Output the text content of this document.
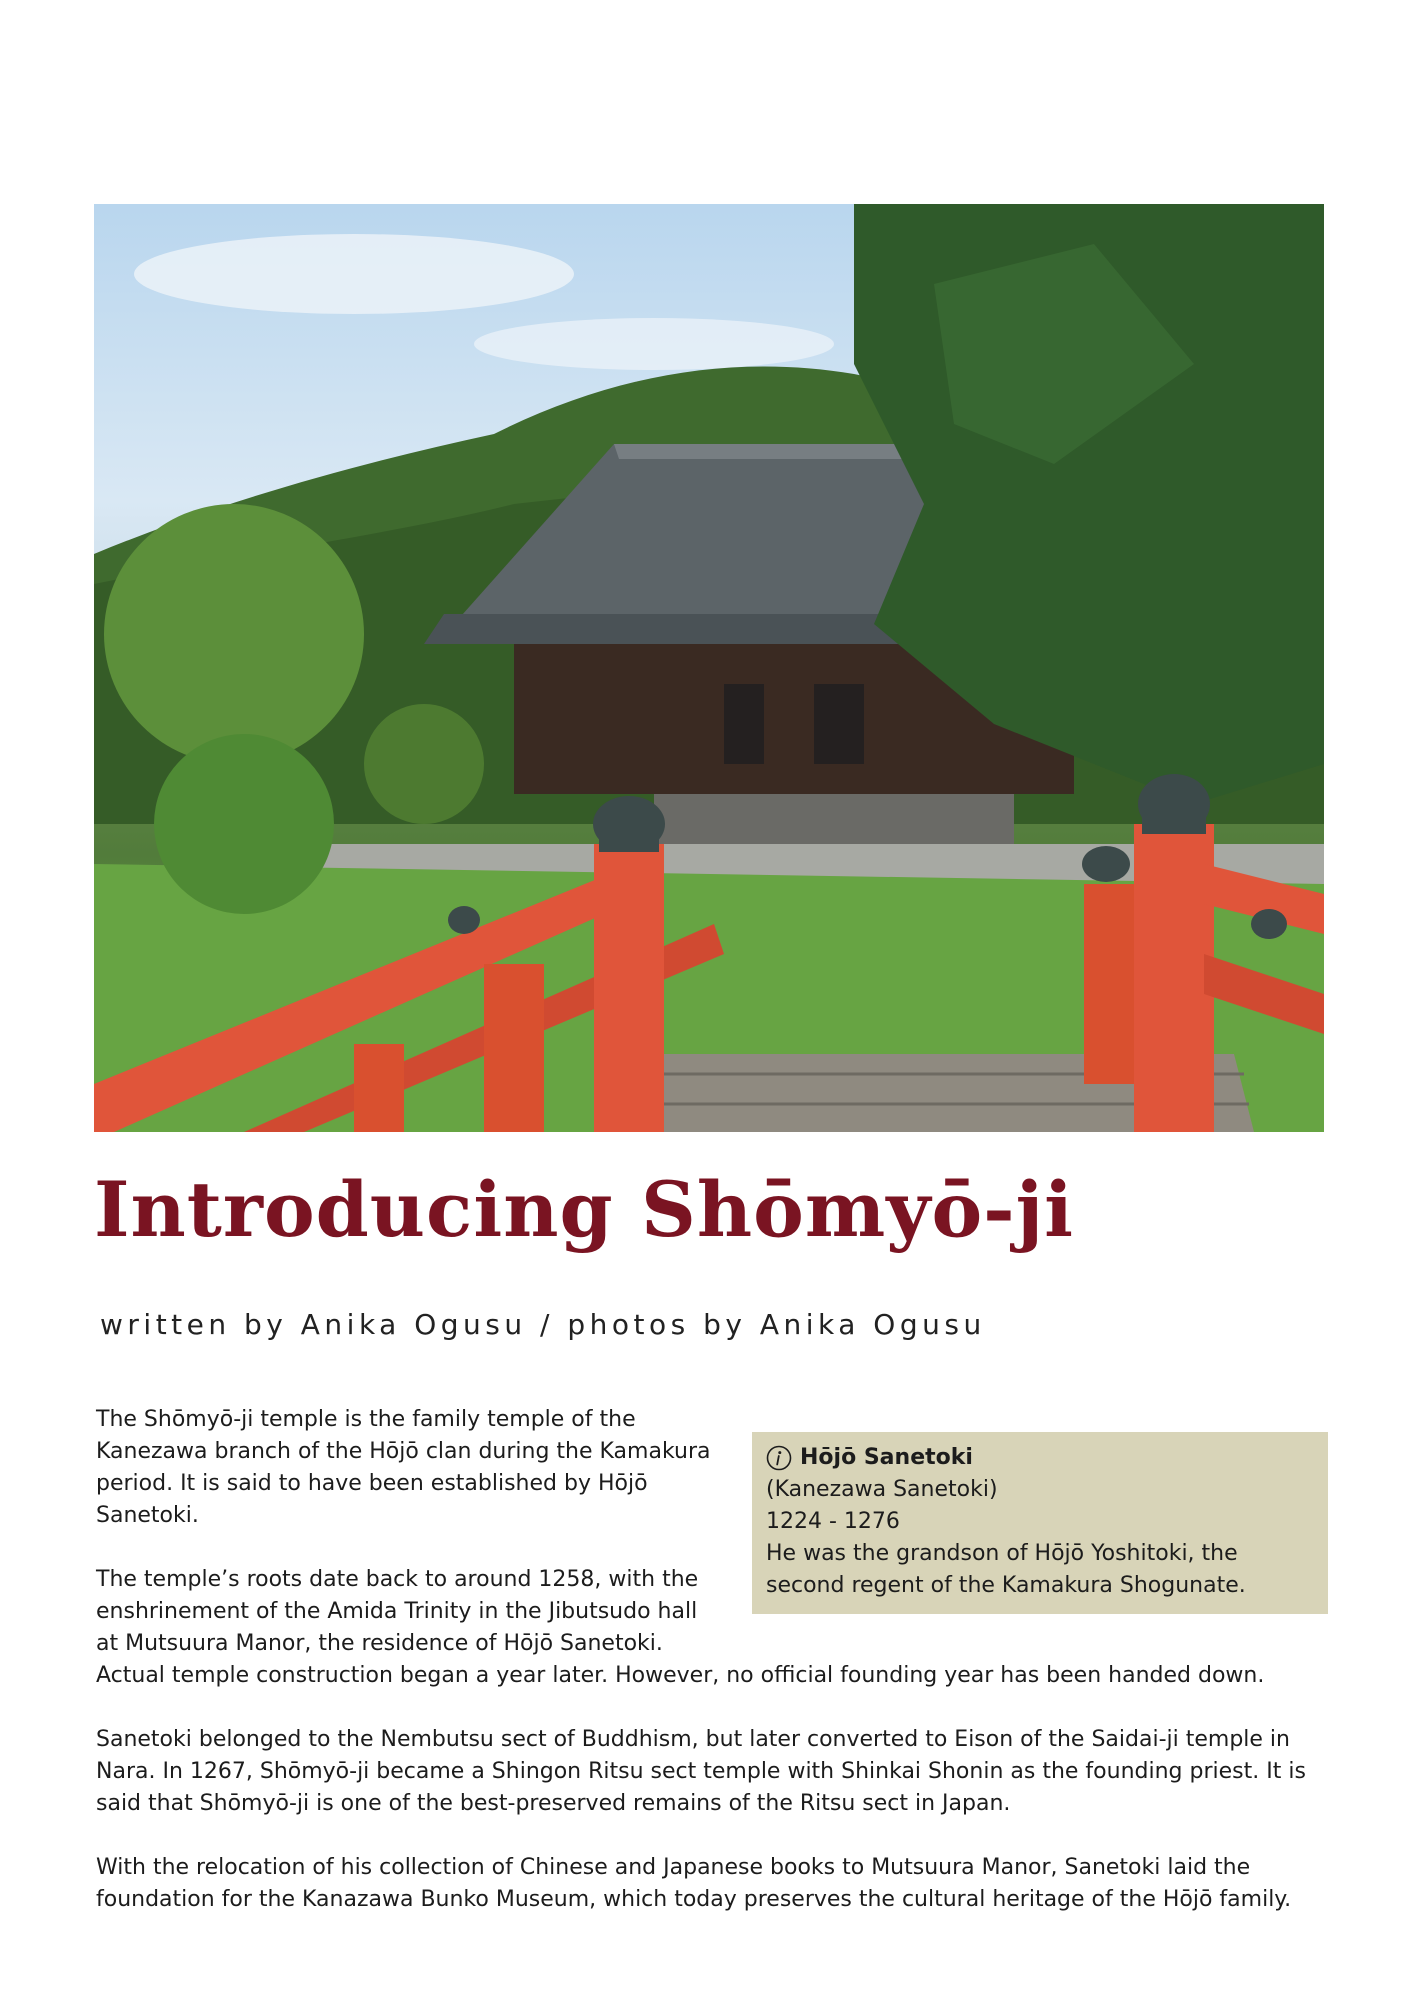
Introducing Shōmyō-ji
written by Anika Ogusu / photos by Anika Ogusu
Hōjō Sanetoki
(Kanezawa Sanetoki)
1224 - 1276
He was the grandson of Hōjō Yoshitoki, the second regent of the Kamakura Shogunate.

The Shōmyō-ji temple is the family temple of the Kanezawa branch of the Hōjō clan during the Kamakura period. It is said to have been established by Hōjō Sanetoki.

The temple’s roots date back to around 1258, with the enshrinement of the Amida Trinity in the Jibutsudo hall at Mutsuura Manor, the residence of Hōjō Sanetoki. Actual temple construction began a year later. However, no official founding year has been handed down.

Sanetoki belonged to the Nembutsu sect of Buddhism, but later converted to Eison of the Saidai-ji temple in Nara. In 1267, Shōmyō-ji became a Shingon Ritsu sect temple with Shinkai Shonin as the founding priest. It is said that Shōmyō-ji is one of the best-preserved remains of the Ritsu sect in Japan.

With the relocation of his collection of Chinese and Japanese books to Mutsuura Manor, Sanetoki laid the foundation for the Kanazawa Bunko Museum, which today preserves the cultural heritage of the Hōjō family.
